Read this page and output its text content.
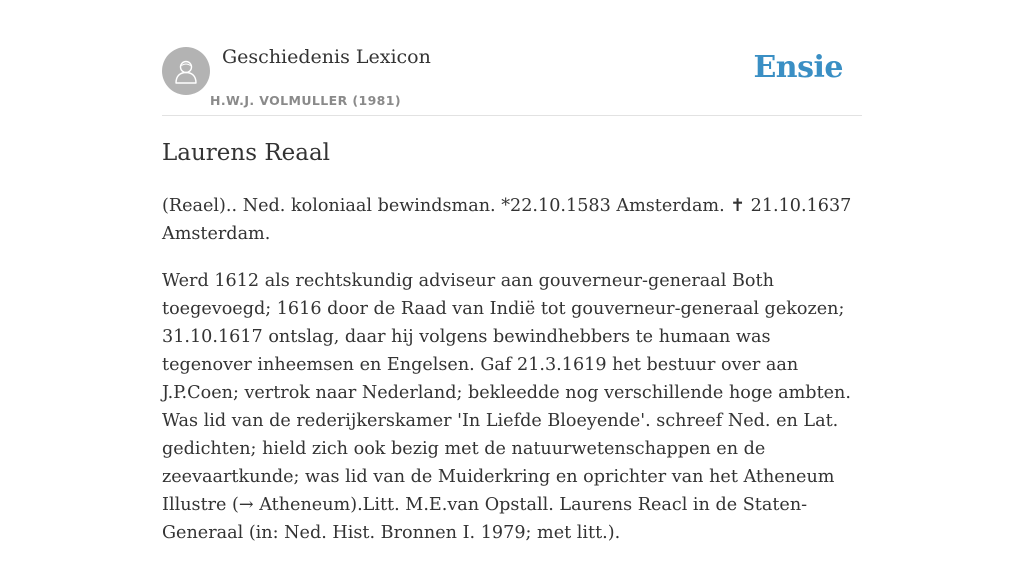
Geschiedenis Lexicon
H.W.J. VOLMULLER (1981)
Ensie
Laurens Reaal

(Reael).. Ned. koloniaal bewindsman. *22.10.1583 Amsterdam. ✝ 21.10.1637 Amsterdam.

Werd 1612 als rechtskundig adviseur aan gouverneur-generaal Both toegevoegd; 1616 door de Raad van Indië tot gouverneur-generaal gekozen; 31.10.1617 ontslag, daar hij volgens bewindhebbers te humaan was tegenover inheemsen en Engelsen. Gaf 21.3.1619 het bestuur over aan J.P.Coen; vertrok naar Nederland; bekleedde nog verschillende hoge ambten. Was lid van de rederijkerskamer 'In Liefde Bloeyende'. schreef Ned. en Lat. gedichten; hield zich ook bezig met de natuurwetenschappen en de zeevaartkunde; was lid van de Muiderkring en oprichter van het Atheneum Illustre (→ Atheneum).Litt. M.E.van Opstall. Laurens Reacl in de Staten-Generaal (in: Ned. Hist. Bronnen I. 1979; met litt.).
